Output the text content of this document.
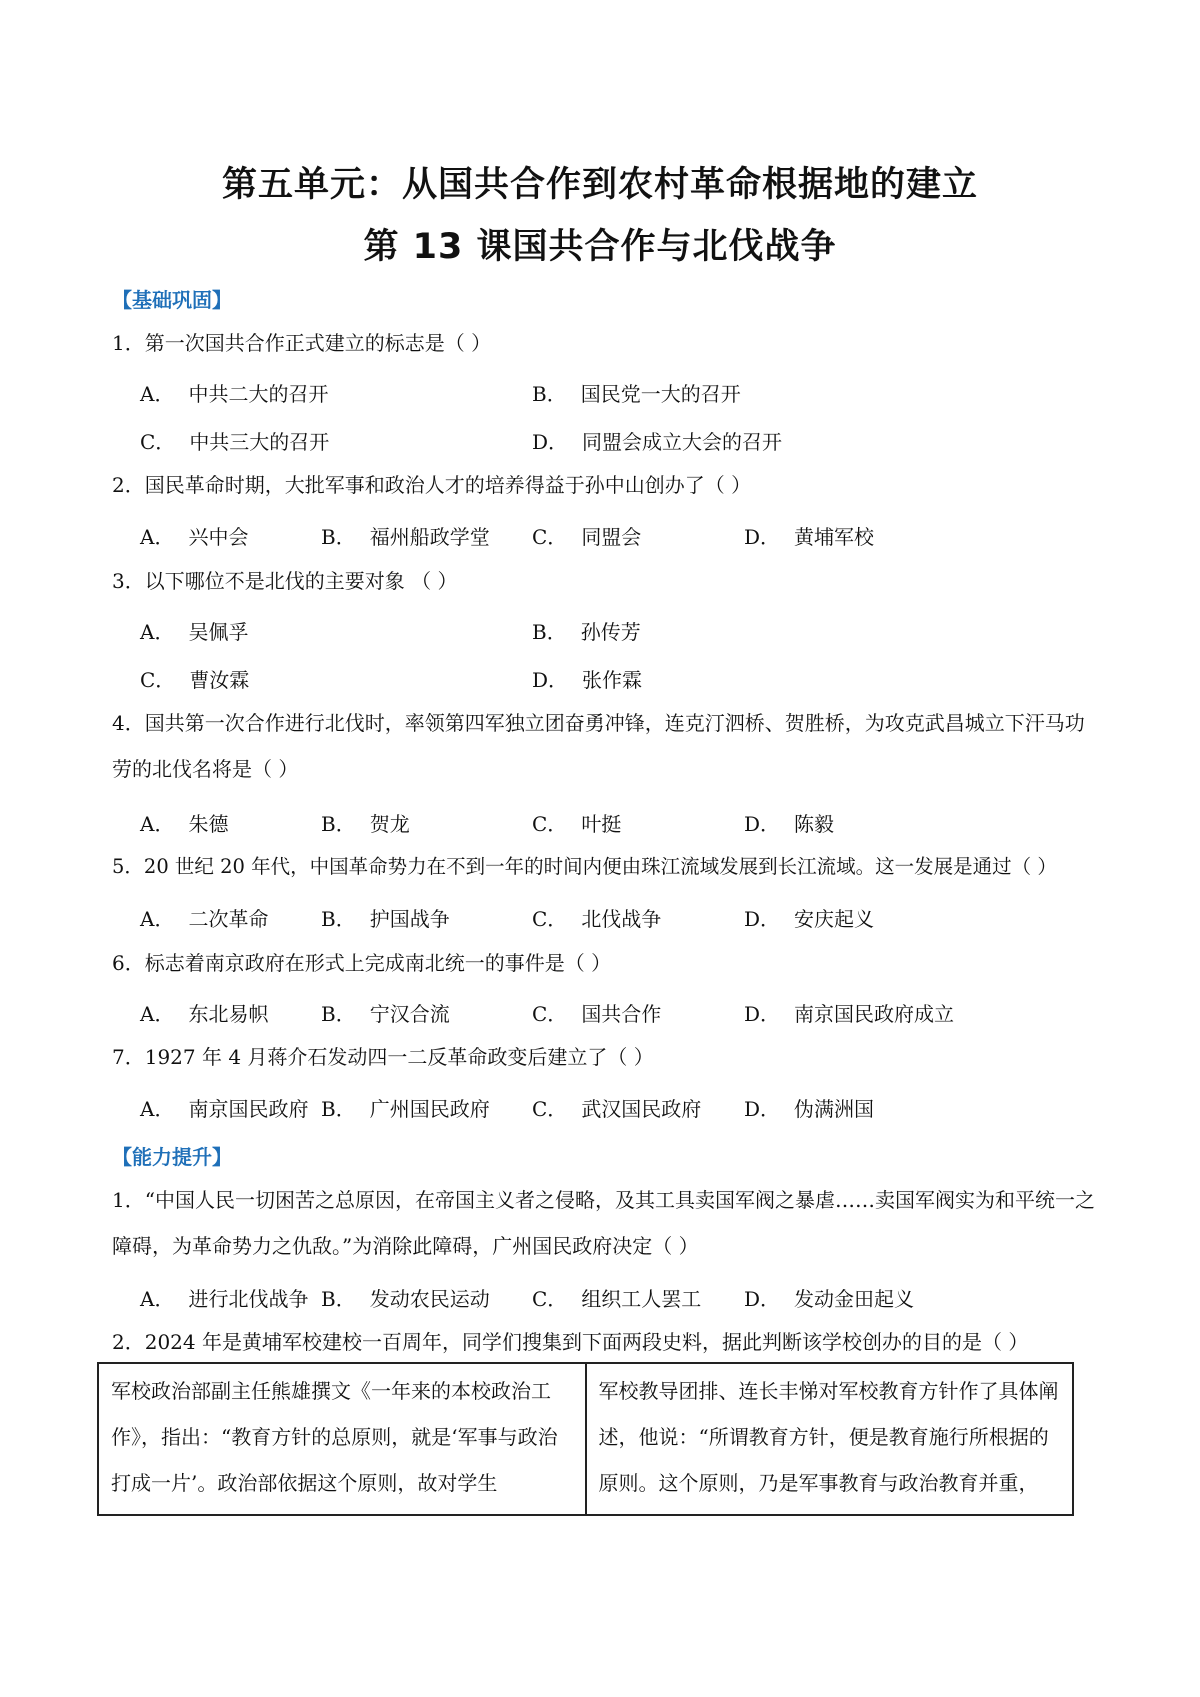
第五单元：从国共合作到农村革命根据地的建立
第 13 课国共合作与北伐战争
【基础巩固】
1．第一次国共合作正式建立的标志是（ ）
A． 中共二大的召开	B． 国民党一大的召开
C． 中共三大的召开	D． 同盟会成立大会的召开
2．国民革命时期，大批军事和政治人才的培养得益于孙中山创办了（ ）
A． 兴中会	B． 福州船政学堂 C． 同盟会	D． 黄埔军校
3．以下哪位不是北伐的主要对象 （ ）
A． 吴佩孚	B． 孙传芳
C． 曹汝霖	D． 张作霖
4．国共第一次合作进行北伐时，率领第四军独立团奋勇冲锋，连克汀泗桥、贺胜桥，为攻克武昌城立下汗马功劳的北伐名将是（ ）
A． 朱德	B． 贺龙	C． 叶挺	D． 陈毅
5．20 世纪 20 年代，中国革命势力在不到一年的时间内便由珠江流域发展到长江流域。这一发展是通过（ ）
A． 二次革命	B． 护国战争	C． 北伐战争	D． 安庆起义
6．标志着南京政府在形式上完成南北统一的事件是（ ）
A． 东北易帜	B． 宁汉合流	C． 国共合作	D． 南京国民政府成立
7．1927 年 4 月蒋介石发动四一二反革命政变后建立了（ ）
A． 南京国民政府 B． 广州国民政府 C． 武汉国民政府 D． 伪满洲国
【能力提升】
1．“中国人民一切困苦之总原因，在帝国主义者之侵略，及其工具卖国军阀之暴虐……卖国军阀实为和平统一之障碍，为革命势力之仇敌。”为消除此障碍，广州国民政府决定（ ）
A． 进行北伐战争 B． 发动农民运动 C． 组织工人罢工 D． 发动金田起义
2．2024 年是黄埔军校建校一百周年，同学们搜集到下面两段史料，据此判断该学校创办的目的是（ ）
军校政治部副主任熊雄撰文《一年来的本校政治工作》，指出：“教育方针的总原则，就是‘军事与政治打成一片’。政治部依据这个原则，故对学生	军校教导团排、连长丰悌对军校教育方针作了具体阐述，他说：“所谓教育方针，便是教育施行所根据的原则。这个原则，乃是军事教育与政治教育并重，
